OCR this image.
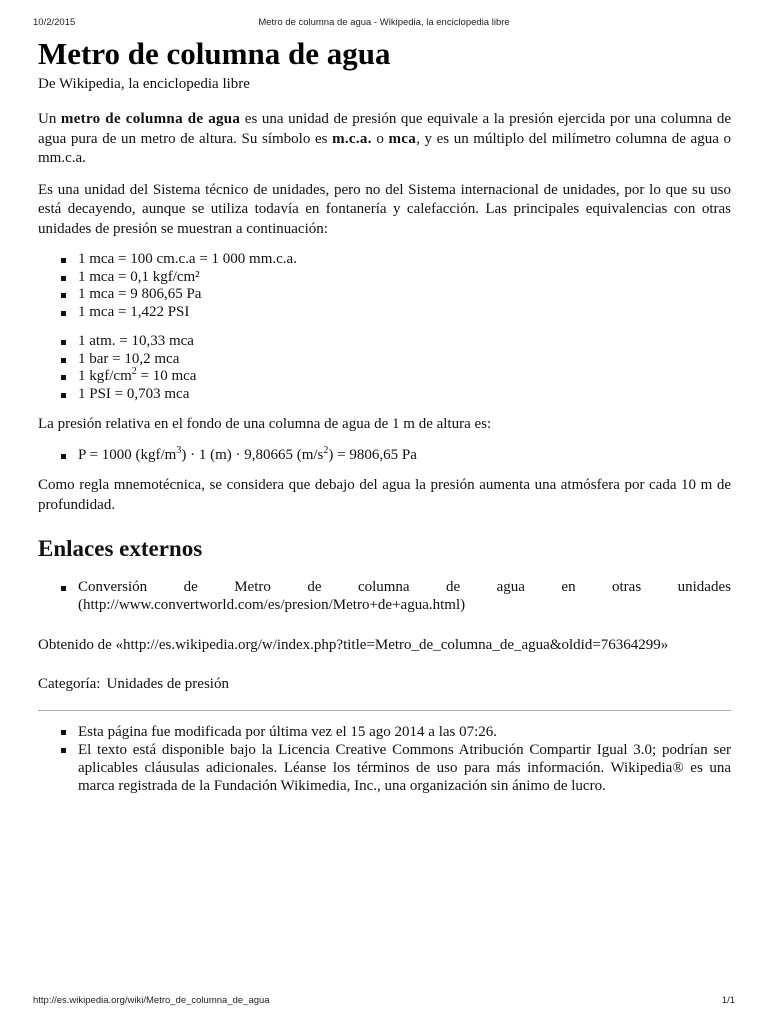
10/2/2015	Metro de columna de agua - Wikipedia, la enciclopedia libre
Metro de columna de agua
De Wikipedia, la enciclopedia libre

Un metro de columna de agua es una unidad de presión que equivale a la presión ejercida por una columna de agua pura de un metro de altura. Su símbolo es m.c.a. o mca, y es un múltiplo del milímetro columna de agua o mm.c.a.

Es una unidad del Sistema técnico de unidades, pero no del Sistema internacional de unidades, por lo que su uso está decayendo, aunque se utiliza todavía en fontanería y calefacción. Las principales equivalencias con otras unidades de presión se muestran a continuación:

1 mca = 100 cm.c.a = 1 000 mm.c.a.
1 mca = 0,1 kgf/cm²
1 mca = 9 806,65 Pa
1 mca = 1,422 PSI
1 atm. = 10,33 mca
1 bar = 10,2 mca
1 kgf/$cm^2 = 10$ mca
1 PSI = 0,703 mca

La presión relativa en el fondo de una columna de agua de 1 m de altura es:

P = 1000 $(kgf/m^3) \cdot 1$ (m) · 9,80665 $(m/s^2) = 9806,65$ Pa

Como regla mnemotécnica, se considera que debajo del agua la presión aumenta una atmósfera por cada 10 m de profundidad.

Enlaces externos
Conversión de Metro de columna de agua en otras unidades
(http://www.convertworld.com/es/presion/Metro+de+agua.html)
Obtenido de «http://es.wikipedia.org/w/index.php?title=Metro_de_columna_de_agua&oldid=76364299»
Categoría: Unidades de presión
Esta página fue modificada por última vez el 15 ago 2014 a las 07:26.
El texto está disponible bajo la Licencia Creative Commons Atribución Compartir Igual 3.0; podrían ser aplicables cláusulas adicionales. Léanse los términos de uso para más información. Wikipedia® es una marca registrada de la Fundación Wikimedia, Inc., una organización sin ánimo de lucro.
http://es.wikipedia.org/wiki/Metro_de_columna_de_agua	1/1
